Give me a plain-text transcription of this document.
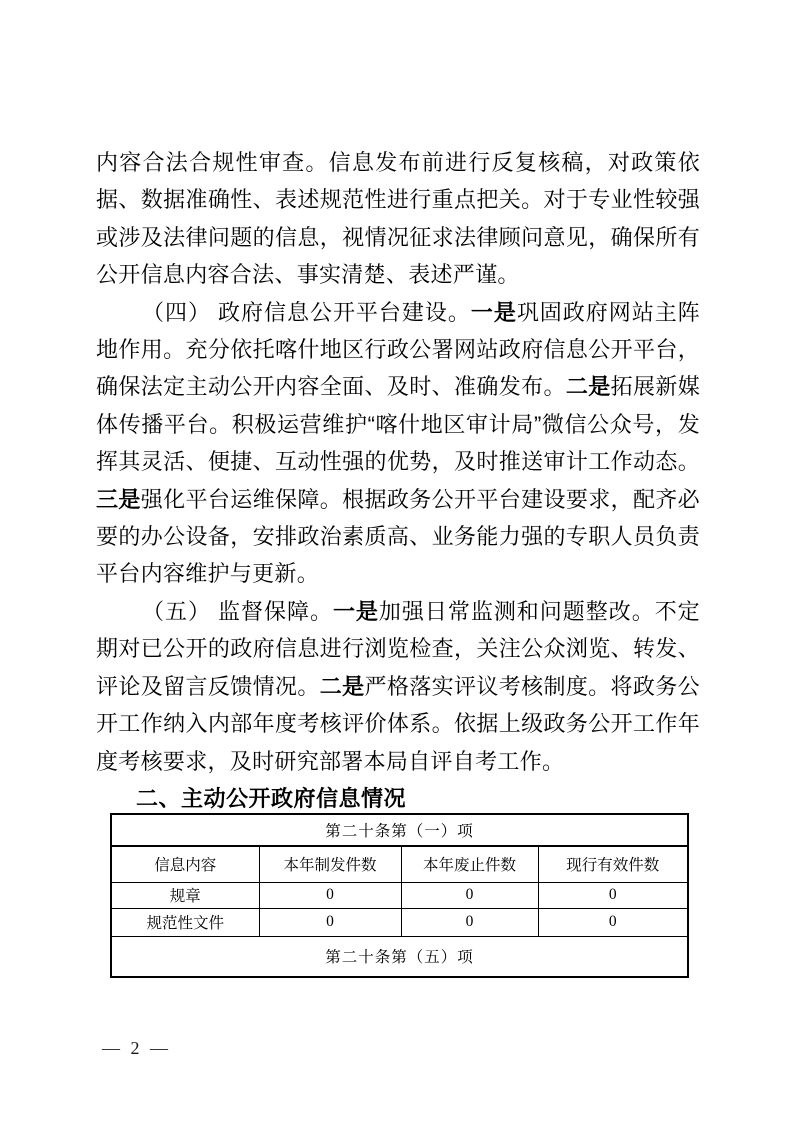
内容合法合规性审查。信息发布前进行反复核稿，对政策依据、数据准确性、表述规范性进行重点把关。对于专业性较强或涉及法律问题的信息，视情况征求法律顾问意见，确保所有公开信息内容合法、事实清楚、表述严谨。

（四） 政府信息公开平台建设。一是巩固政府网站主阵地作用。充分依托喀什地区行政公署网站政府信息公开平台，确保法定主动公开内容全面、及时、准确发布。二是拓展新媒体传播平台。积极运营维护“喀什地区审计局”微信公众号，发挥其灵活、便捷、互动性强的优势，及时推送审计工作动态。三是强化平台运维保障。根据政务公开平台建设要求，配齐必要的办公设备，安排政治素质高、业务能力强的专职人员负责平台内容维护与更新。

（五） 监督保障。一是加强日常监测和问题整改。不定期对已公开的政府信息进行浏览检查，关注公众浏览、转发、评论及留言反馈情况。二是严格落实评议考核制度。将政务公开工作纳入内部年度考核评价体系。依据上级政务公开工作年度考核要求，及时研究部署本局自评自考工作。

二、主动公开政府信息情况
第二十条第（一）项			
信息内容	本年制发件数	本年废止件数	现行有效件数
规章	0	0	0
规范性文件	0	0	0
第二十条第（五）项			
— 2 —
